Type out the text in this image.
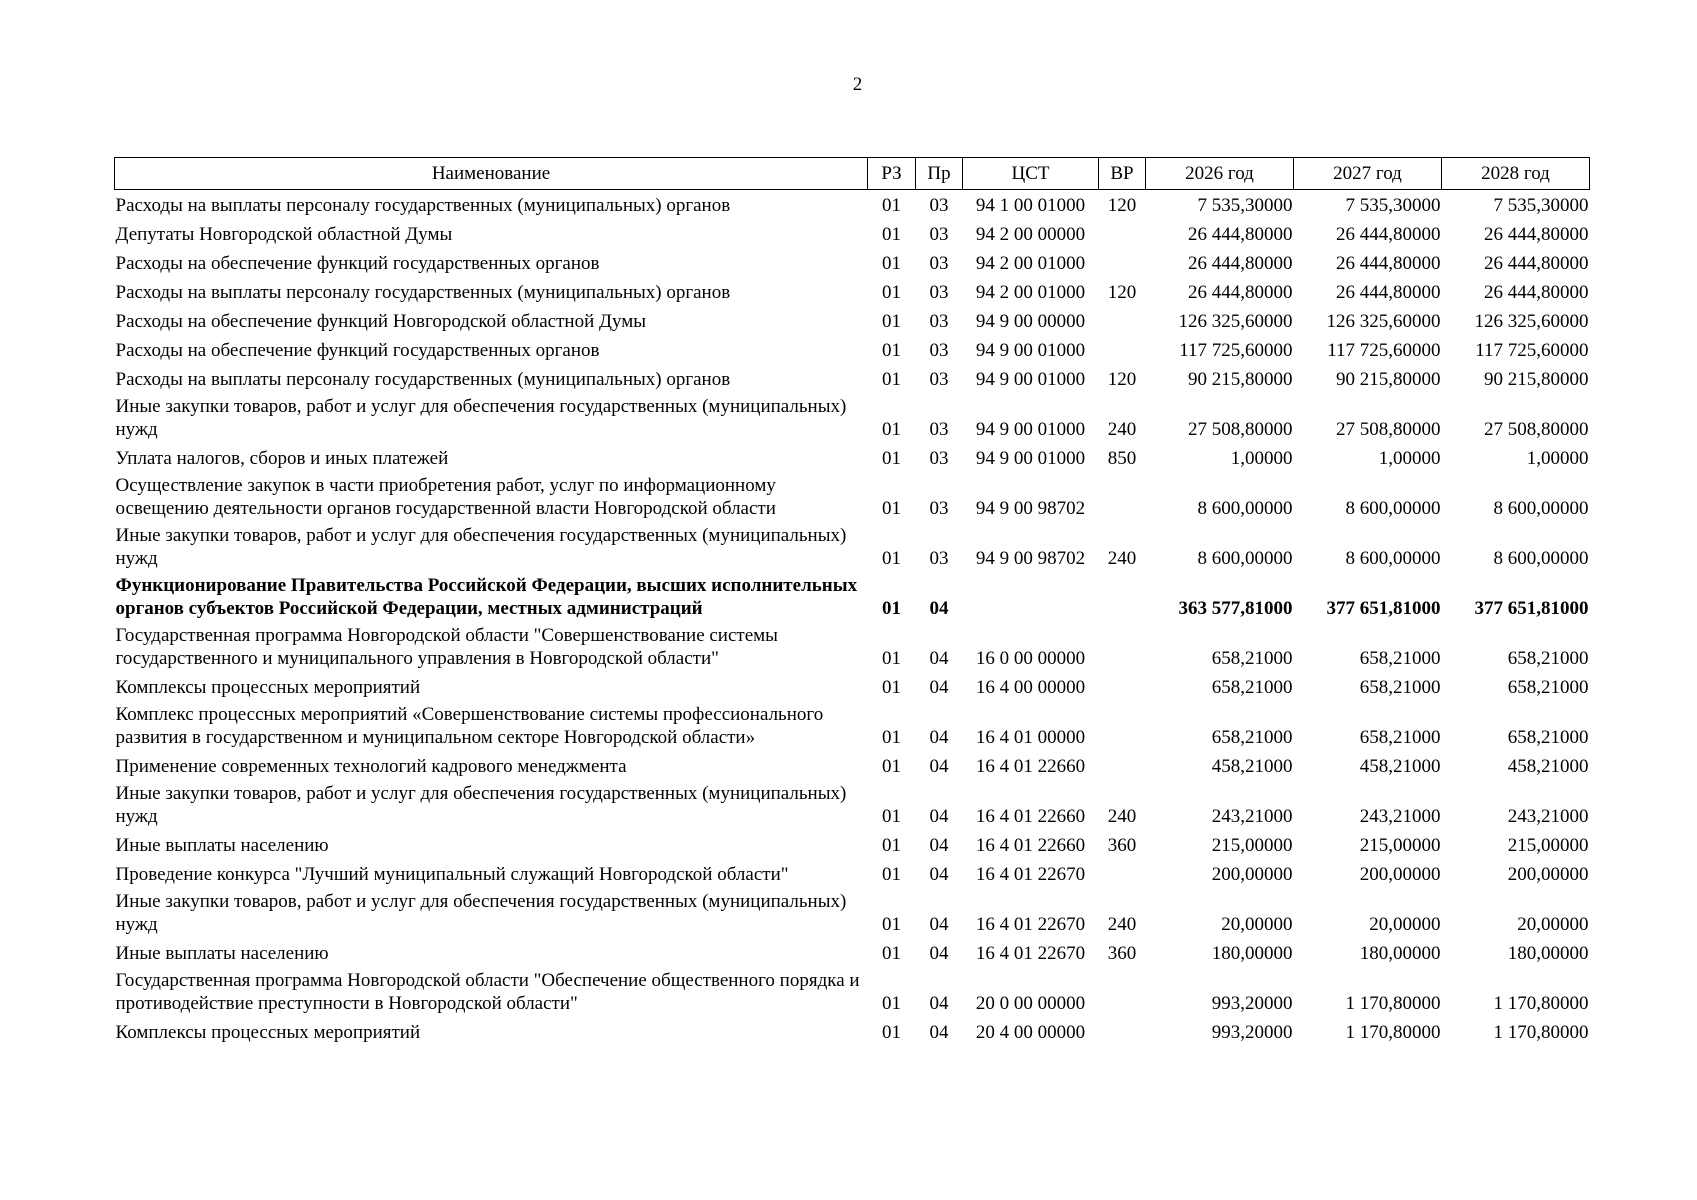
2
Наименование	РЗ	Пр	ЦСТ	ВР	2026 год	2027 год	2028 год
Расходы на выплаты персоналу государственных (муниципальных) органов	01	03	94 1 00 01000	120	7 535,30000	7 535,30000	7 535,30000
Депутаты Новгородской областной Думы	01	03	94 2 00 00000		26 444,80000	26 444,80000	26 444,80000
Расходы на обеспечение функций государственных органов	01	03	94 2 00 01000		26 444,80000	26 444,80000	26 444,80000
Расходы на выплаты персоналу государственных (муниципальных) органов	01	03	94 2 00 01000	120	26 444,80000	26 444,80000	26 444,80000
Расходы на обеспечение функций Новгородской областной Думы	01	03	94 9 00 00000		126 325,60000	126 325,60000	126 325,60000
Расходы на обеспечение функций государственных органов	01	03	94 9 00 01000		117 725,60000	117 725,60000	117 725,60000
Расходы на выплаты персоналу государственных (муниципальных) органов	01	03	94 9 00 01000	120	90 215,80000	90 215,80000	90 215,80000
Иные закупки товаров, работ и услуг для обеспечения государственных (муниципальных) нужд	01	03	94 9 00 01000	240	27 508,80000	27 508,80000	27 508,80000
Уплата налогов, сборов и иных платежей	01	03	94 9 00 01000	850	1,00000	1,00000	1,00000
Осуществление закупок в части приобретения работ, услуг по информационному освещению деятельности органов государственной власти Новгородской области	01	03	94 9 00 98702		8 600,00000	8 600,00000	8 600,00000
Иные закупки товаров, работ и услуг для обеспечения государственных (муниципальных) нужд	01	03	94 9 00 98702	240	8 600,00000	8 600,00000	8 600,00000
Функционирование Правительства Российской Федерации, высших исполнительных органов субъектов Российской Федерации, местных администраций	01	04			363 577,81000	377 651,81000	377 651,81000
Государственная программа Новгородской области "Совершенствование системы государственного и муниципального управления в Новгородской области"	01	04	16 0 00 00000		658,21000	658,21000	658,21000
Комплексы процессных мероприятий	01	04	16 4 00 00000		658,21000	658,21000	658,21000
Комплекс процессных мероприятий «Совершенствование системы профессионального развития в государственном и муниципальном секторе Новгородской области»	01	04	16 4 01 00000		658,21000	658,21000	658,21000
Применение современных технологий кадрового менеджмента	01	04	16 4 01 22660		458,21000	458,21000	458,21000
Иные закупки товаров, работ и услуг для обеспечения государственных (муниципальных) нужд	01	04	16 4 01 22660	240	243,21000	243,21000	243,21000
Иные выплаты населению	01	04	16 4 01 22660	360	215,00000	215,00000	215,00000
Проведение конкурса "Лучший муниципальный служащий Новгородской области"	01	04	16 4 01 22670		200,00000	200,00000	200,00000
Иные закупки товаров, работ и услуг для обеспечения государственных (муниципальных) нужд	01	04	16 4 01 22670	240	20,00000	20,00000	20,00000
Иные выплаты населению	01	04	16 4 01 22670	360	180,00000	180,00000	180,00000
Государственная программа Новгородской области "Обеспечение общественного порядка и противодействие преступности в Новгородской области"	01	04	20 0 00 00000		993,20000	1 170,80000	1 170,80000
Комплексы процессных мероприятий	01	04	20 4 00 00000		993,20000	1 170,80000	1 170,80000
